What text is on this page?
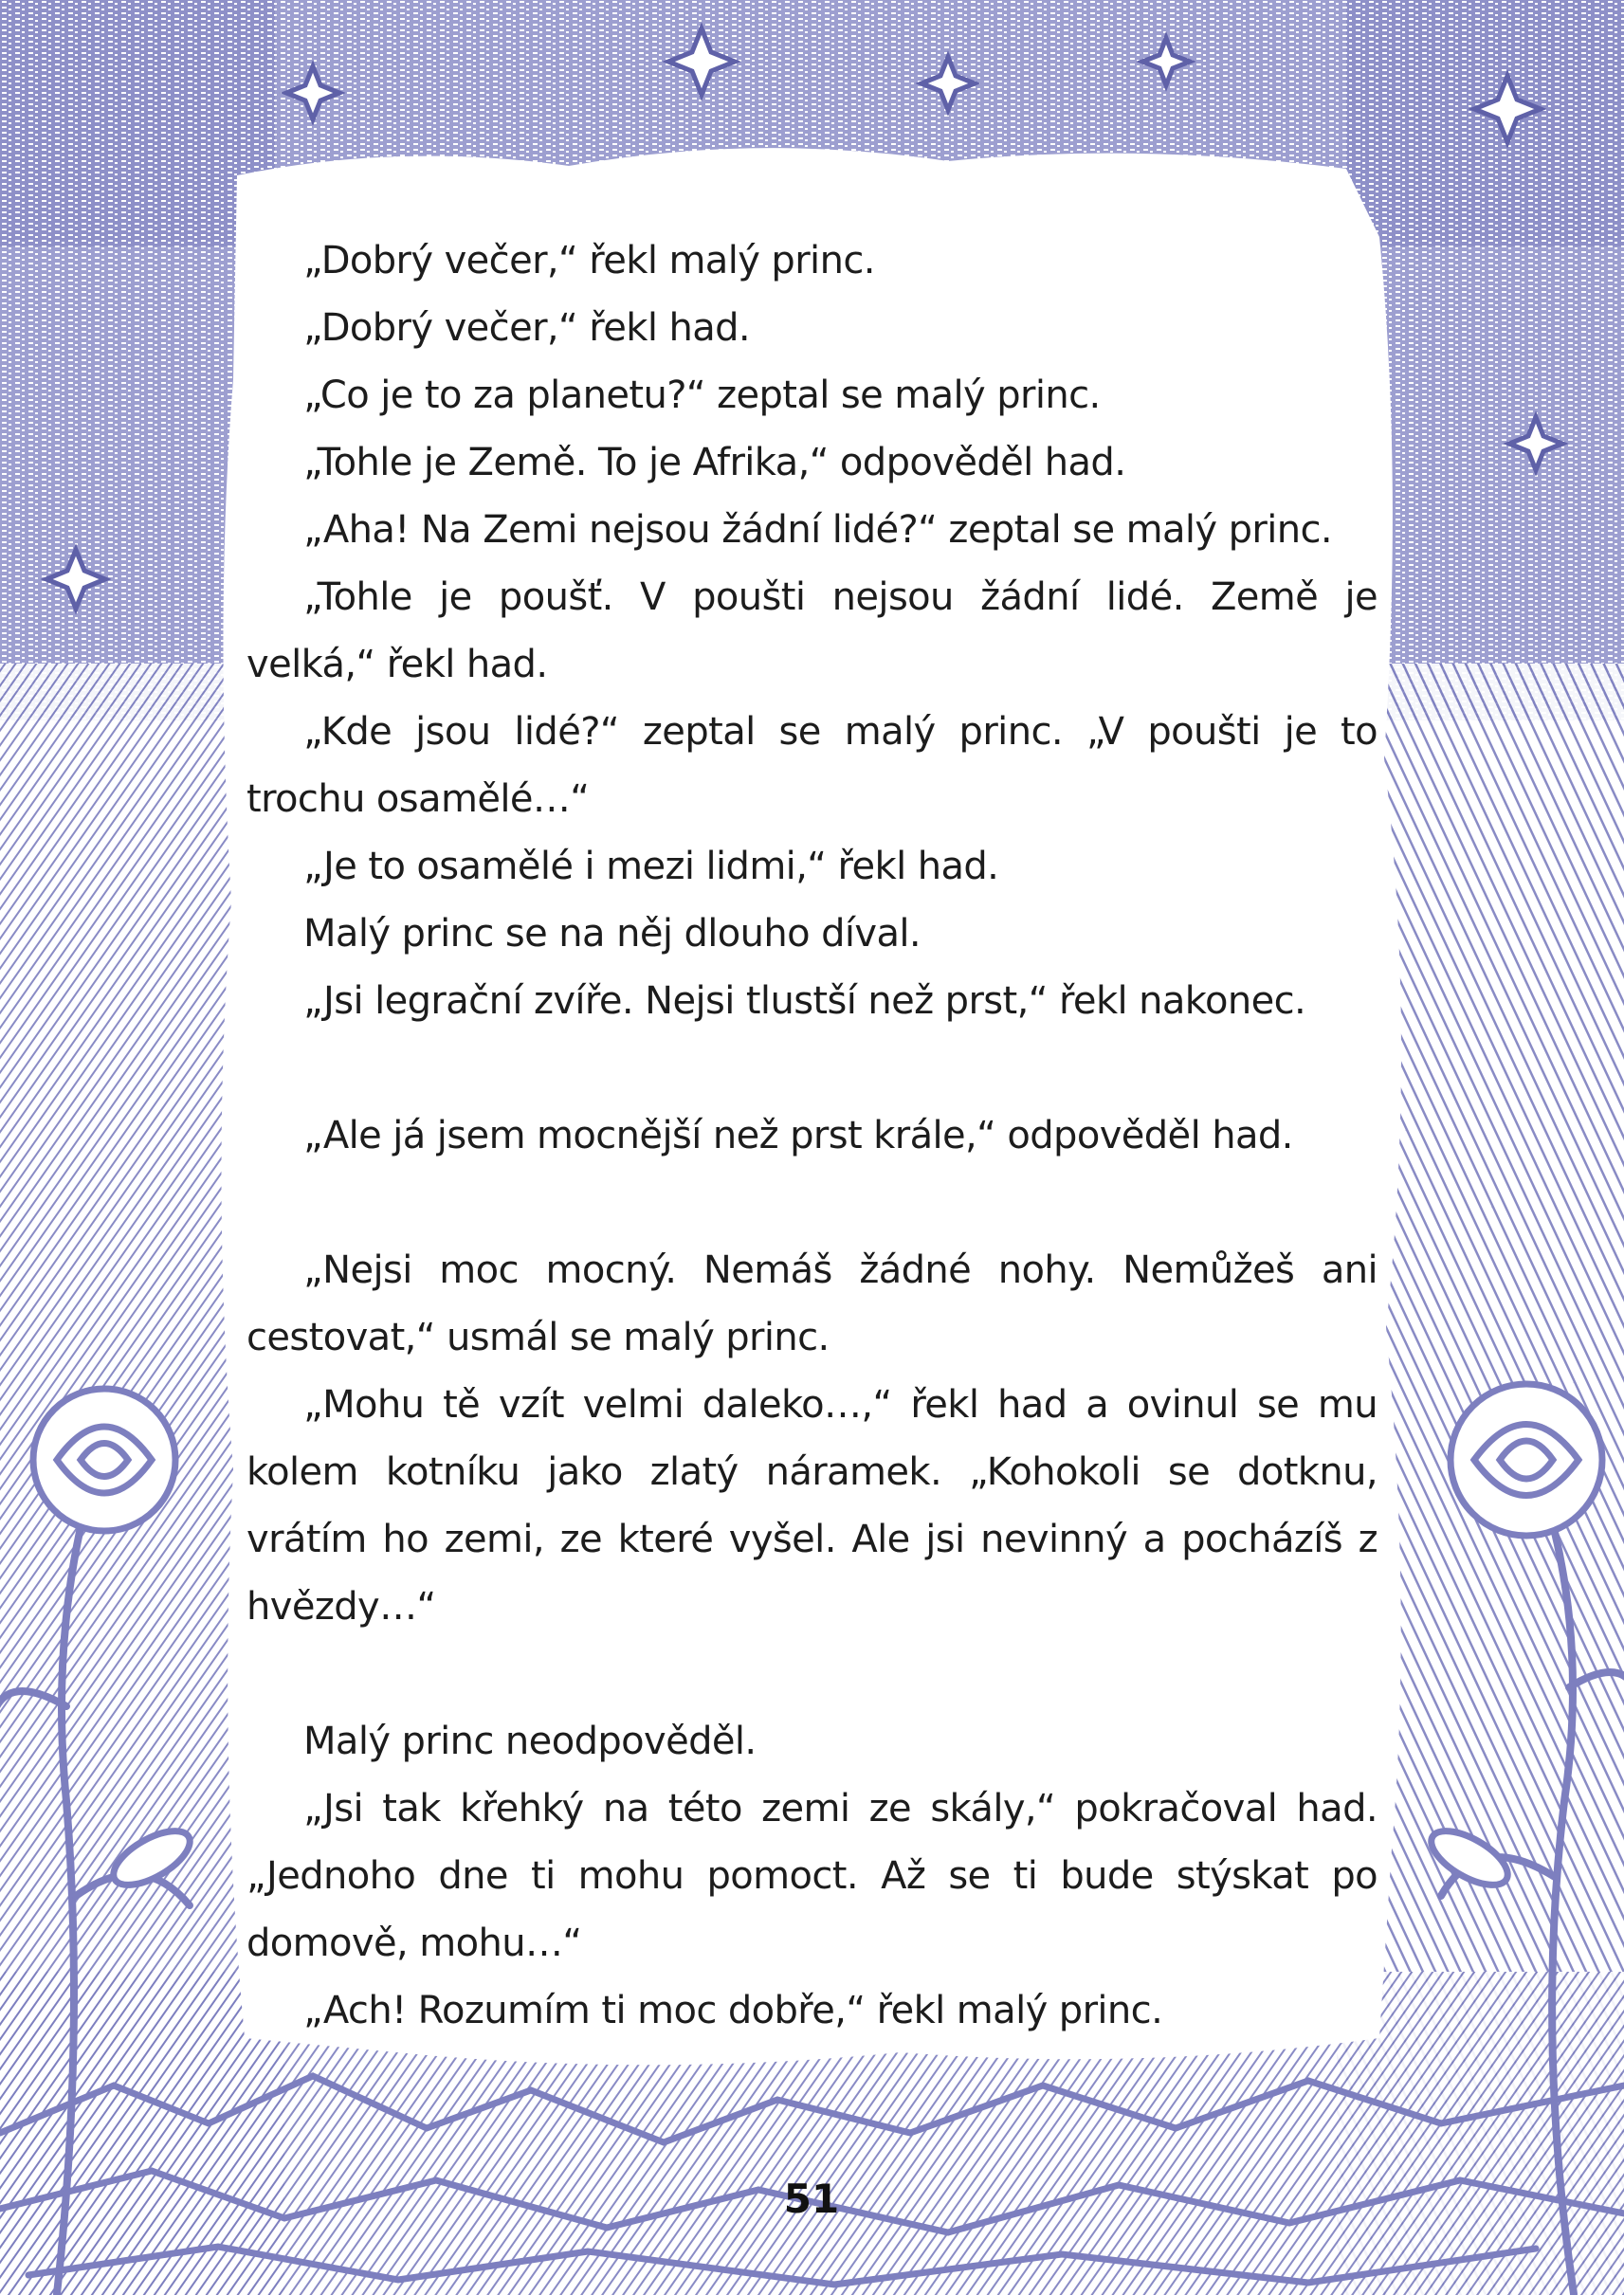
„Dobrý večer,“ řekl malý princ.

„Dobrý večer,“ řekl had.

„Co je to za planetu?“ zeptal se malý princ.

„Tohle je Země. To je Afrika,“ odpověděl had.

„Aha! Na Zemi nejsou žádní lidé?“ zeptal se malý princ.

„Tohle je poušť. V poušti nejsou žádní lidé. Země je velká,“ řekl had.

„Kde jsou lidé?“ zeptal se malý princ. „V poušti je to trochu osamělé…“

„Je to osamělé i mezi lidmi,“ řekl had.

Malý princ se na něj dlouho díval.

„Jsi legrační zvíře. Nejsi tlustší než prst,“ řekl nakonec.

„Ale já jsem mocnější než prst krále,“ odpověděl had.

„Nejsi moc mocný. Nemáš žádné nohy. Nemůžeš ani cestovat,“ usmál se malý princ.

„Mohu tě vzít velmi daleko…,“ řekl had a ovinul se mu kolem kotníku jako zlatý náramek. „Kohokoli se dotknu, vrátím ho zemi, ze které vyšel. Ale jsi nevinný a pocházíš z hvězdy…“

Malý princ neodpověděl.

„Jsi tak křehký na této zemi ze skály,“ pokračoval had. „Jednoho dne ti mohu pomoct. Až se ti bude stýskat po domově, mohu…“

„Ach! Rozumím ti moc dobře,“ řekl malý princ.

51
